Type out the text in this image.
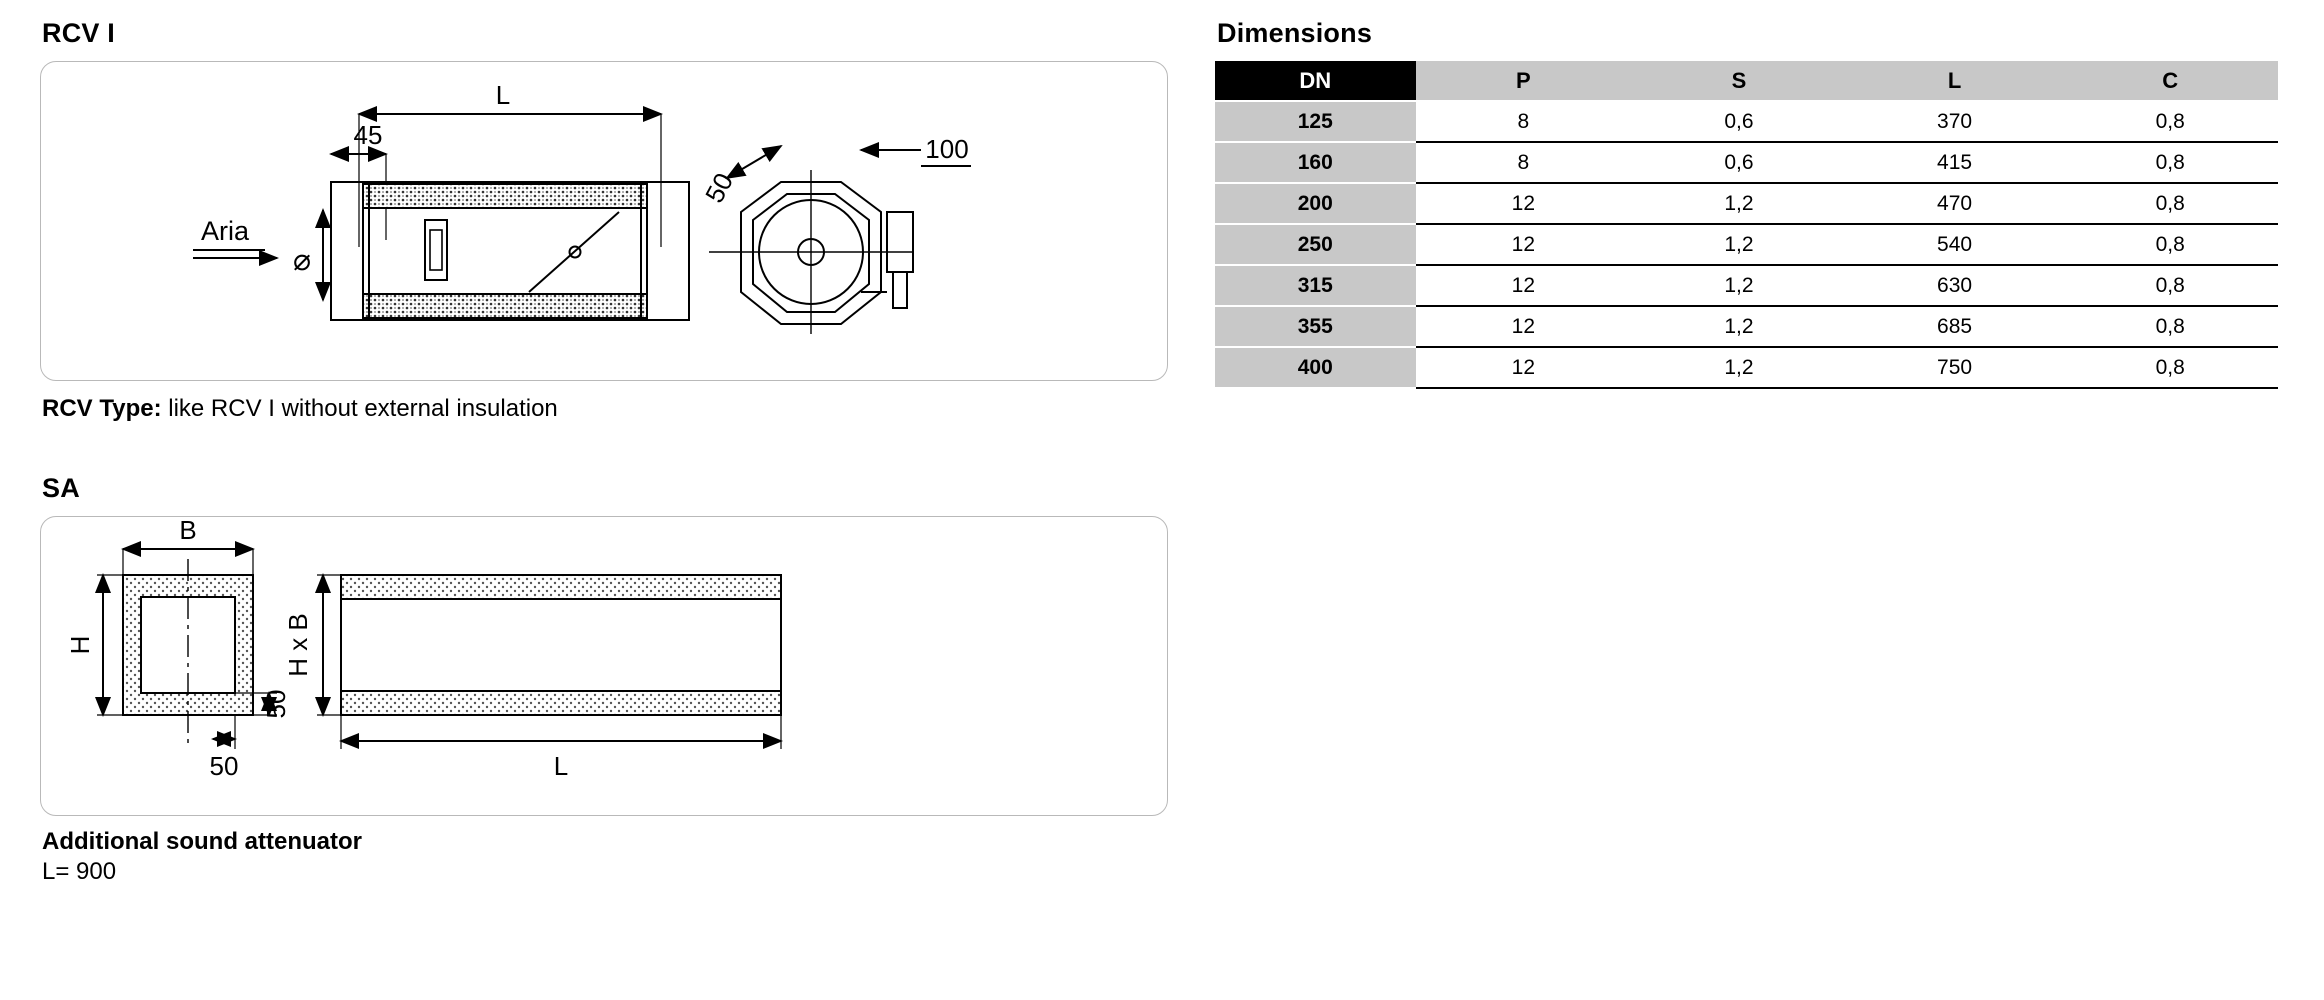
RCV I
L
45
Aria
⌀
50
100
RCV Type: like RCV I without external insulation
SA
B
H
50
50
H x B
L
Additional sound attenuator
L= 900
Dimensions
DN	P	S	L	C
125	8	0,6	370	0,8
160	8	0,6	415	0,8
200	12	1,2	470	0,8
250	12	1,2	540	0,8
315	12	1,2	630	0,8
355	12	1,2	685	0,8
400	12	1,2	750	0,8
